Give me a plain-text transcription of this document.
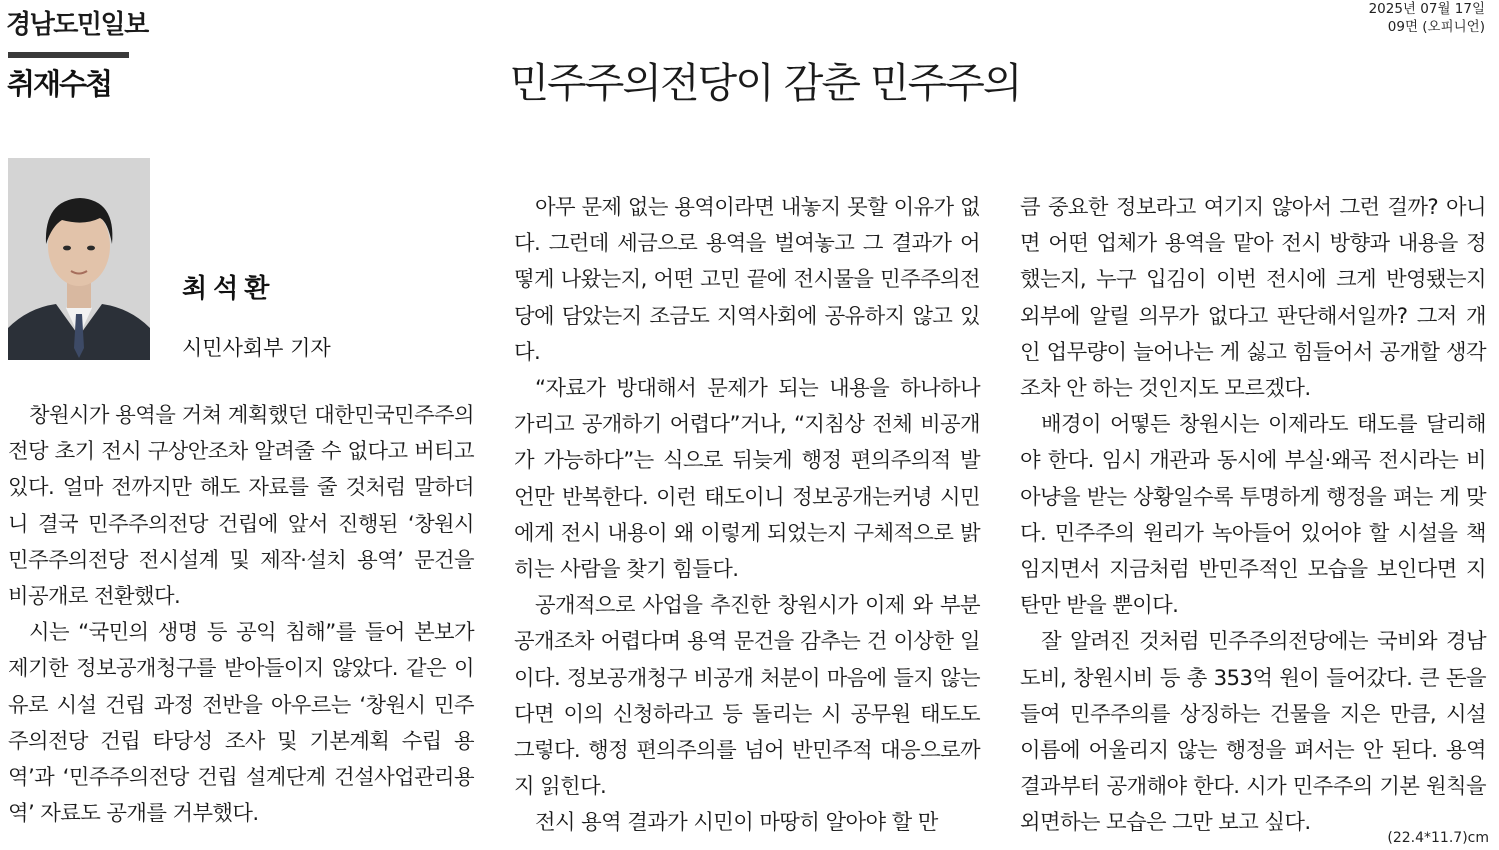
경남도민일보
2025년 07월 17일
09면 (오피니언)
취재수첩	민주주의전당이 감춘 민주주의
최석환
시민사회부 기자

창원시가 용역을 거쳐 계획했던 대한민국민주주의전당 초기 전시 구상안조차 알려줄 수 없다고 버티고 있다. 얼마 전까지만 해도 자료를 줄 것처럼 말하더니 결국 민주주의전당 건립에 앞서 진행된 ‘창원시 민주주의전당 전시설계 및 제작·설치 용역’ 문건을 비공개로 전환했다.

시는 “국민의 생명 등 공익 침해”를 들어 본보가 제기한 정보공개청구를 받아들이지 않았다. 같은 이유로 시설 건립 과정 전반을 아우르는 ‘창원시 민주주의전당 건립 타당성 조사 및 기본계획 수립 용역’과 ‘민주주의전당 건립 설계단계 건설사업관리용역’ 자료도 공개를 거부했다.

아무 문제 없는 용역이라면 내놓지 못할 이유가 없다. 그런데 세금으로 용역을 벌여놓고 그 결과가 어떻게 나왔는지, 어떤 고민 끝에 전시물을 민주주의전당에 담았는지 조금도 지역사회에 공유하지 않고 있다.

“자료가 방대해서 문제가 되는 내용을 하나하나 가리고 공개하기 어렵다”거나, “지침상 전체 비공개가 가능하다”는 식으로 뒤늦게 행정 편의주의적 발언만 반복한다. 이런 태도이니 정보공개는커녕 시민에게 전시 내용이 왜 이렇게 되었는지 구체적으로 밝히는 사람을 찾기 힘들다.

공개적으로 사업을 추진한 창원시가 이제 와 부분 공개조차 어렵다며 용역 문건을 감추는 건 이상한 일이다. 정보공개청구 비공개 처분이 마음에 들지 않는다면 이의 신청하라고 등 돌리는 시 공무원 태도도 그렇다. 행정 편의주의를 넘어 반민주적 대응으로까지 읽힌다.

전시 용역 결과가 시민이 마땅히 알아야 할 만

큼 중요한 정보라고 여기지 않아서 그런 걸까? 아니면 어떤 업체가 용역을 맡아 전시 방향과 내용을 정했는지, 누구 입김이 이번 전시에 크게 반영됐는지 외부에 알릴 의무가 없다고 판단해서일까? 그저 개인 업무량이 늘어나는 게 싫고 힘들어서 공개할 생각조차 안 하는 것인지도 모르겠다.

배경이 어떻든 창원시는 이제라도 태도를 달리해야 한다. 임시 개관과 동시에 부실·왜곡 전시라는 비아냥을 받는 상황일수록 투명하게 행정을 펴는 게 맞다. 민주주의 원리가 녹아들어 있어야 할 시설을 책임지면서 지금처럼 반민주적인 모습을 보인다면 지탄만 받을 뿐이다.

잘 알려진 것처럼 민주주의전당에는 국비와 경남도비, 창원시비 등 총 353억 원이 들어갔다. 큰 돈을 들여 민주주의를 상징하는 건물을 지은 만큼, 시설 이름에 어울리지 않는 행정을 펴서는 안 된다. 용역 결과부터 공개해야 한다. 시가 민주주의 기본 원칙을 외면하는 모습은 그만 보고 싶다.

(22.4*11.7)cm
